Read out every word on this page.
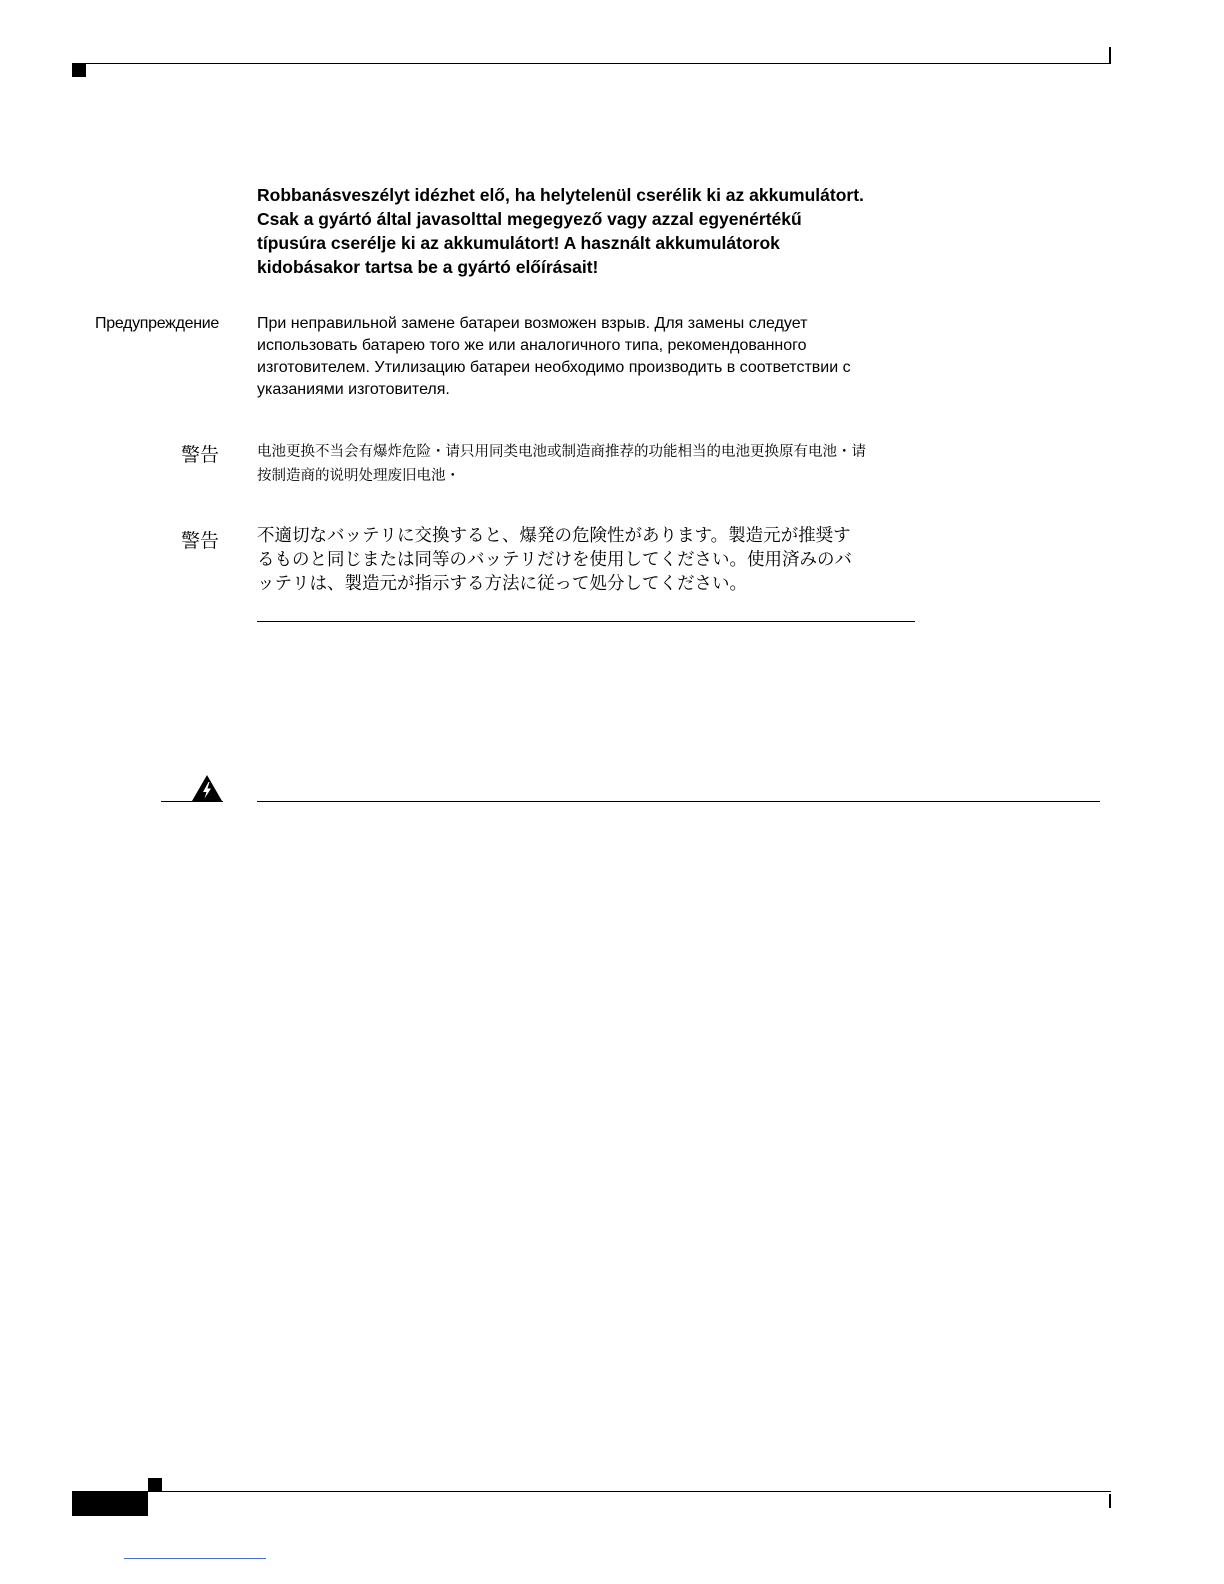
Robbanásveszélyt idézhet elő, ha helytelenül cserélik ki az akkumulátort.
Csak a gyártó által javasolttal megegyező vagy azzal egyenértékű
típusúra cserélje ki az akkumulátort! A használt akkumulátorok
kidobásakor tartsa be a gyártó előírásait!
Предупреждение При неправильной замене батареи возможен взрыв. Для замены следует
использовать батарею того же или аналогичного типа, рекомендованного
изготовителем. Утилизацию батареи необходимо производить в соответствии с
указаниями изготовителя.
警告	电池更换不当会有爆炸危险・请只用同类电池或制造商推荐的功能相当的电池更换原有电池・请
按制造商的说明处理废旧电池・
警告 不適切なバッテリに交換すると、爆発の危険性があります。製造元が推奨す
るものと同じまたは同等のバッテリだけを使用してください。使用済みのバ
ッテリは、製造元が指示する方法に従って処分してください。
